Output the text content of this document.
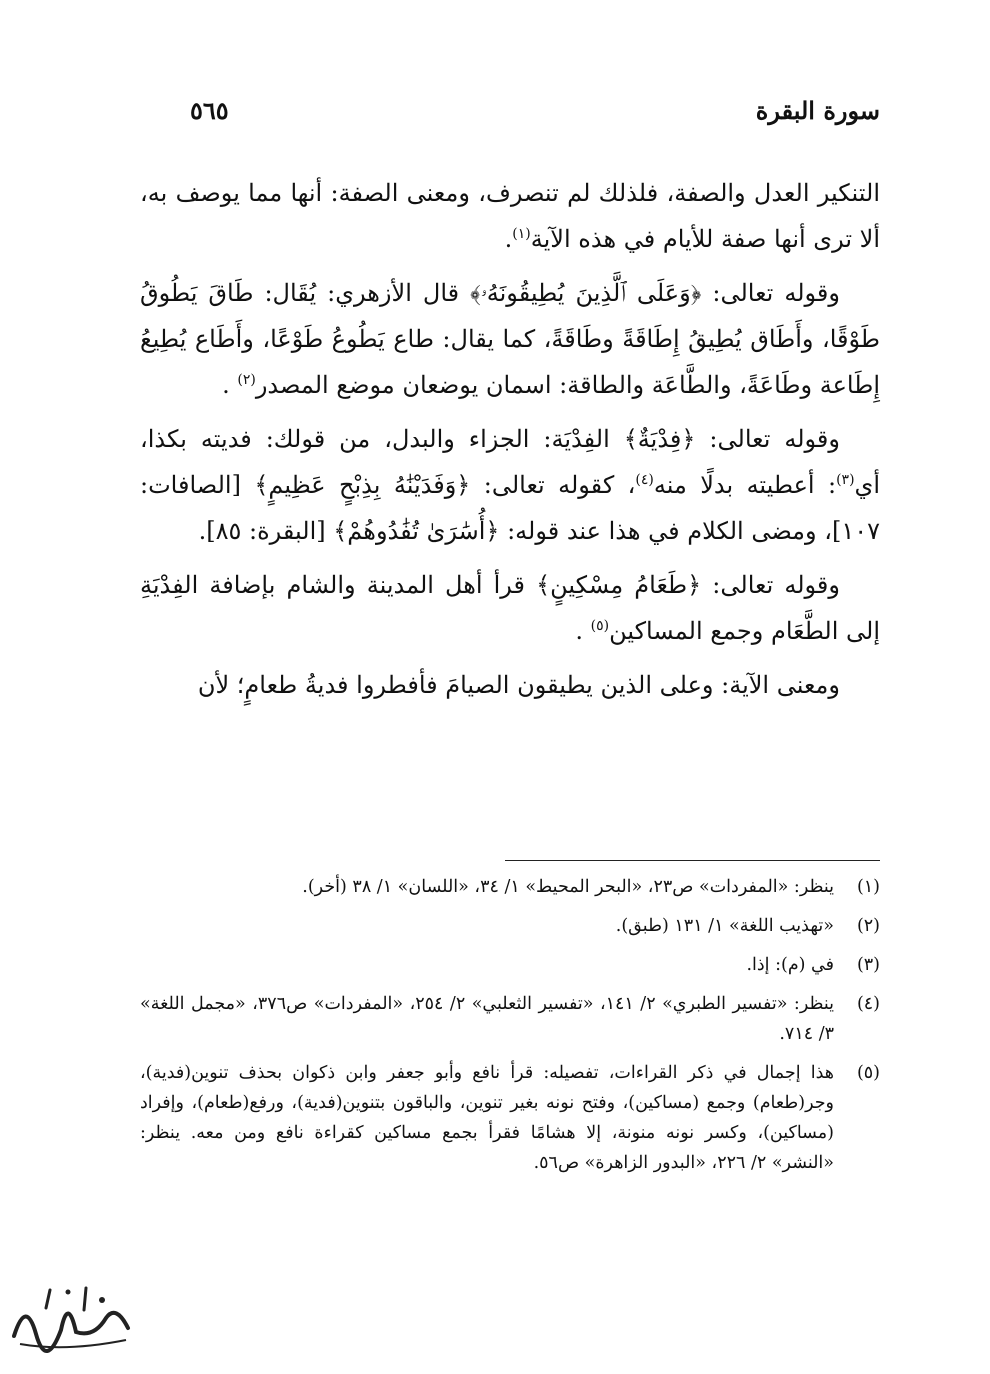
سورة البقرة
٥٦٥

التنكير العدل والصفة، فلذلك لم تنصرف، ومعنى الصفة: أنها مما يوصف به، ألا ترى أنها صفة للأيام في هذه الآية$^{(١)}$.

وقوله تعالى: ﴿وَعَلَى ٱلَّذِينَ يُطِيقُونَهُۥ﴾ قال الأزهري: يُقَال: طَاقَ يَطُوقُ طَوْقًا، وأَطَاق يُطِيقُ إِطَاقَةً وطَاقَةً، كما يقال: طاع يَطُوعُ طَوْعًا، وأَطَاع يُطِيعُ إِطَاعة وطَاعَةً، والطَّاعَة والطاقة: اسمان يوضعان موضع المصدر$^{(٢)}$ .

وقوله تعالى: ﴿فِدْيَةٌ﴾ الفِدْيَة: الجزاء والبدل، من قولك: فديته بكذا، أي$^{(٣)}$: أعطيته بدلًا منه$^{(٤)}$، كقوله تعالى: ﴿وَفَدَيْنَٰهُ بِذِبْحٍ عَظِيمٍ﴾ [الصافات: ١٠٧]، ومضى الكلام في هذا عند قوله: ﴿أُسَٰرَىٰ تُفَٰدُوهُمْ﴾ [البقرة: ٨٥].

وقوله تعالى: ﴿طَعَامُ مِسْكِينٍ﴾ قرأ أهل المدينة والشام بإضافة الفِدْيَةِ إلى الطَّعَام وجمع المساكين$^{(٥)}$ .

ومعنى الآية: وعلى الذين يطيقون الصيامَ فأفطروا فديةُ طعامٍ؛ لأن

(١)
ينظر: «المفردات» ص٢٣، «البحر المحيط» ١/ ٣٤، «اللسان» ١/ ٣٨ (أخر).
(٢)
«تهذيب اللغة» ١/ ١٣١ (طبق).
(٣)
في (م): إذا.
(٤)
ينظر: «تفسير الطبري» ٢/ ١٤١، «تفسير الثعلبي» ٢/ ٢٥٤، «المفردات» ص٣٧٦، «مجمل اللغة» ٣/ ٧١٤.
(٥)
هذا إجمال في ذكر القراءات، تفصيله: قرأ نافع وأبو جعفر وابن ذكوان بحذف تنوين(فدية)، وجر(طعام) وجمع (مساكين)، وفتح نونه بغير تنوين، والباقون بتنوين(فدية)، ورفع(طعام)، وإفراد (مساكين)، وكسر نونه منونة، إلا هشامًا فقرأ بجمع مساكين كقراءة نافع ومن معه. ينظر: «النشر» ٢/ ٢٢٦، «البدور الزاهرة» ص٥٦.
